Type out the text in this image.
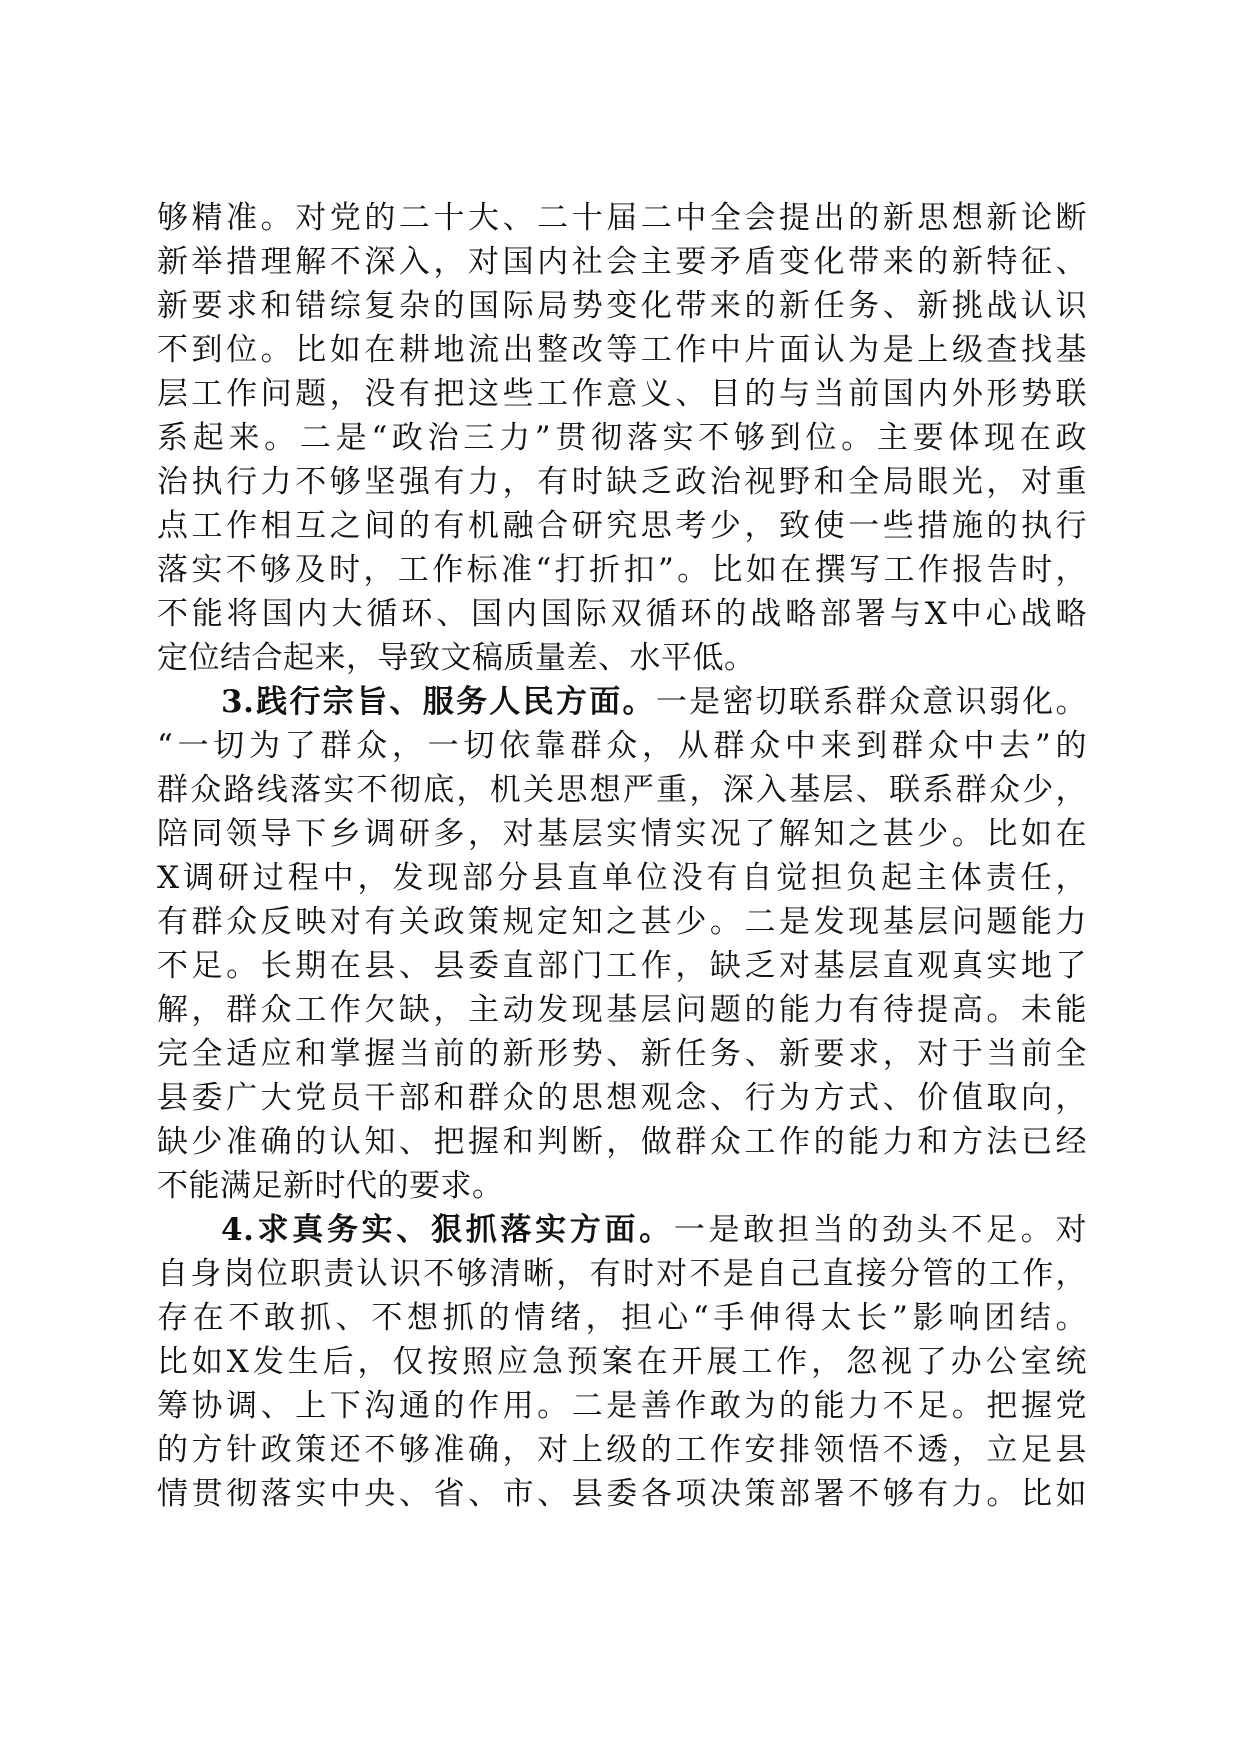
够精准。对党的二十大、二十届二中全会提出的新思想新论断
新举措理解不深入，对国内社会主要矛盾变化带来的新特征、
新要求和错综复杂的国际局势变化带来的新任务、新挑战认识
不到位。比如在耕地流出整改等工作中片面认为是上级查找基
层工作问题，没有把这些工作意义、目的与当前国内外形势联
系起来。二是“政治三力”贯彻落实不够到位。主要体现在政
治执行力不够坚强有力，有时缺乏政治视野和全局眼光，对重
点工作相互之间的有机融合研究思考少，致使一些措施的执行
落实不够及时，工作标准“打折扣”。比如在撰写工作报告时，
不能将国内大循环、国内国际双循环的战略部署与X中心战略
定位结合起来，导致文稿质量差、水平低。
3.践行宗旨、服务人民方面。一是密切联系群众意识弱化。
“一切为了群众，一切依靠群众，从群众中来到群众中去”的
群众路线落实不彻底，机关思想严重，深入基层、联系群众少，
陪同领导下乡调研多，对基层实情实况了解知之甚少。比如在
X调研过程中，发现部分县直单位没有自觉担负起主体责任，
有群众反映对有关政策规定知之甚少。二是发现基层问题能力
不足。长期在县、县委直部门工作，缺乏对基层直观真实地了
解，群众工作欠缺，主动发现基层问题的能力有待提高。未能
完全适应和掌握当前的新形势、新任务、新要求，对于当前全
县委广大党员干部和群众的思想观念、行为方式、价值取向，
缺少准确的认知、把握和判断，做群众工作的能力和方法已经
不能满足新时代的要求。
4.求真务实、狠抓落实方面。一是敢担当的劲头不足。对
自身岗位职责认识不够清晰，有时对不是自己直接分管的工作，
存在不敢抓、不想抓的情绪，担心“手伸得太长”影响团结。
比如X发生后，仅按照应急预案在开展工作，忽视了办公室统
筹协调、上下沟通的作用。二是善作敢为的能力不足。把握党
的方针政策还不够准确，对上级的工作安排领悟不透，立足县
情贯彻落实中央、省、市、县委各项决策部署不够有力。比如
